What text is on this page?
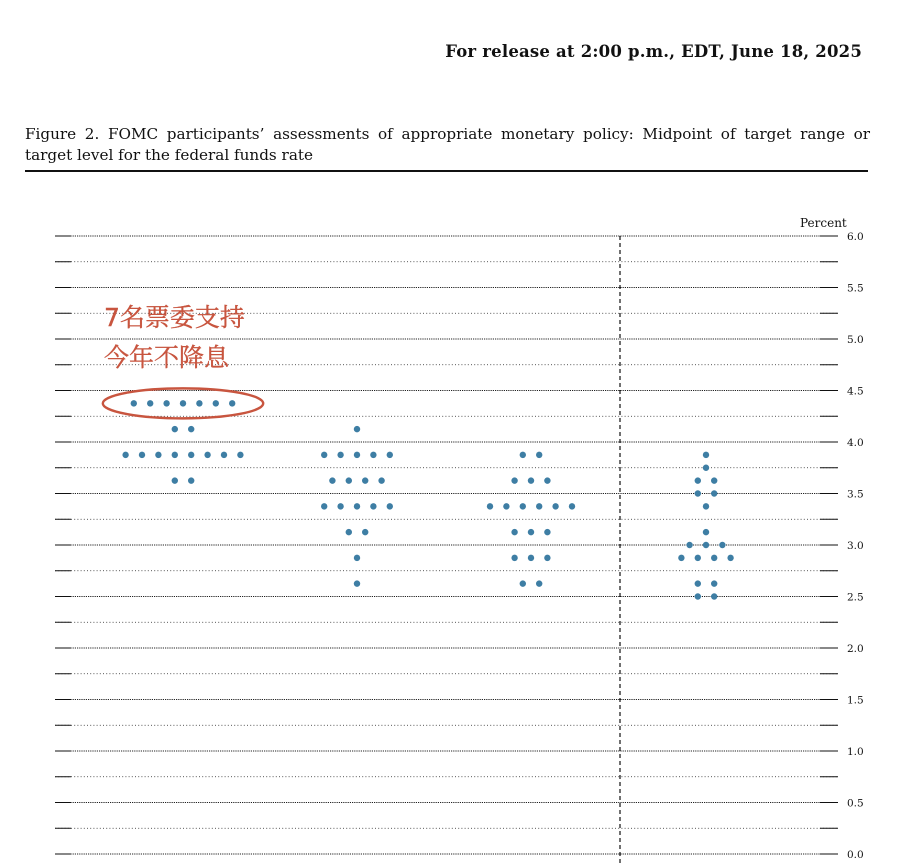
For release at 2:00 p.m., EDT, June 18, 2025
Figure 2. FOMC participants’ assessments of appropriate monetary policy: Midpoint of target range or target level for the federal funds rate
0.0
0.5
1.0
1.5
2.0
2.5
3.0
3.5
4.0
4.5
5.0
5.5
6.0
Percent
7名票委支持
今年不降息
